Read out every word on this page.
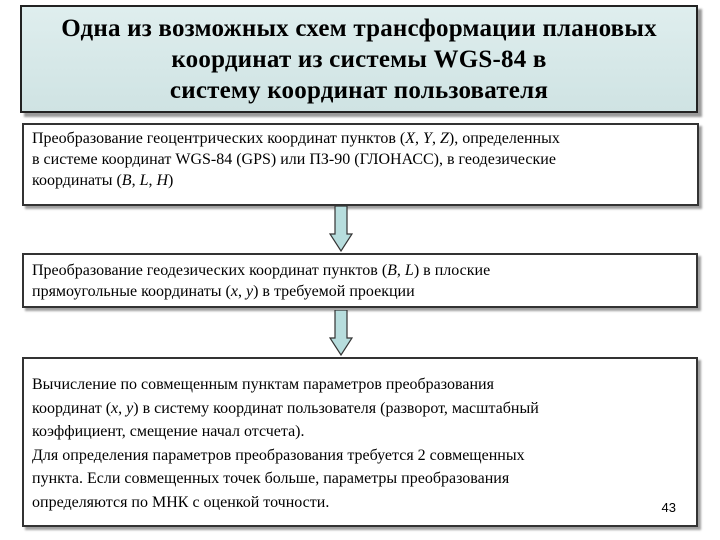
Одна из возможных схем трансформации плановых
координат из системы WGS-84 в
систему координат пользователя
Преобразование геоцентрических координат пунктов (X, Y, Z), определенных
в системе координат WGS-84 (GPS) или ПЗ-90 (ГЛОНАСС), в геодезические
координаты (B, L, H)
Преобразование геодезических координат пунктов (B, L) в плоские
прямоугольные координаты (x, y) в требуемой проекции
Вычисление по совмещенным пунктам параметров преобразования
координат (x, y) в систему координат пользователя (разворот, масштабный
коэффициент, смещение начал отсчета).
Для определения параметров преобразования требуется 2 совмещенных
пункта. Если совмещенных точек больше, параметры преобразования
определяются по МНК с оценкой точности.	43
